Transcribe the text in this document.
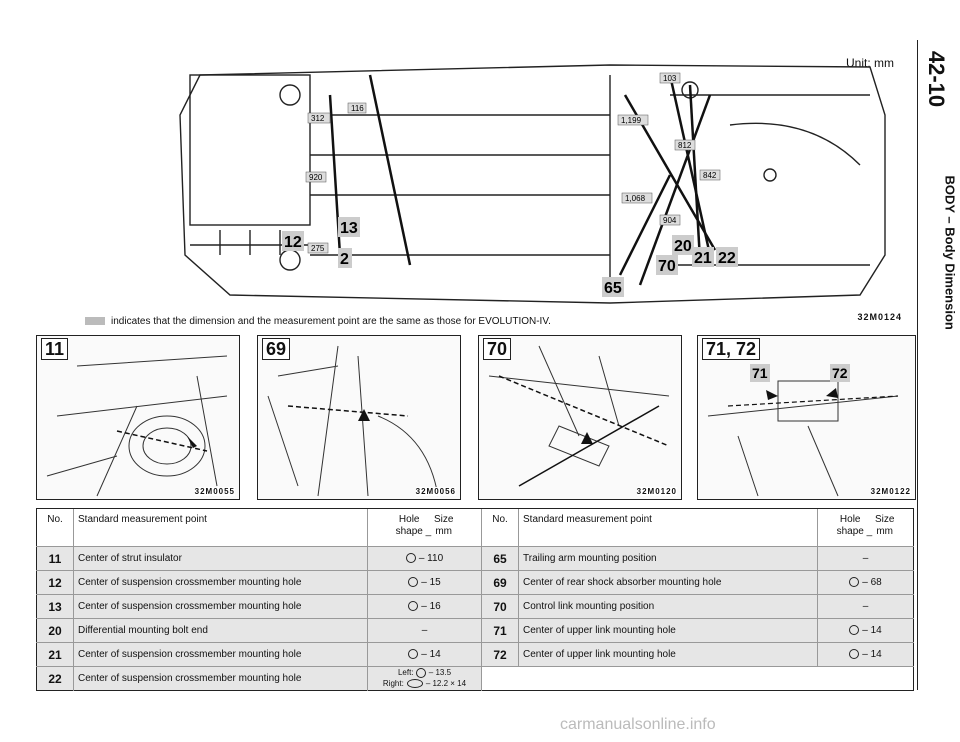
Unit: mm 42-10
BODY – Body Dimension
312
116
920
275
103
1,199
812
842
1,068
904
12
13
2
20
21 22
70
65
indicates that the dimension and the measurement point are the same as those for EVOLUTION-IV.	32M0124
11
32M0055
69
32M0056
70
32M0120
71	72
71, 72
32M0122
No.	Standard measurement point	Hole
shape _ Size
mm	No.	Standard measurement point	Hole
shape _ Size
mm
11	Center of strut insulator	– 110	65	Trailing arm mounting position	–
12	Center of suspension crossmember mounting hole	– 15	69	Center of rear shock absorber mounting hole	– 68
13	Center of suspension crossmember mounting hole	– 16	70	Control link mounting position	–
20	Differential mounting bolt end	–	71	Center of upper link mounting hole	– 14
21	Center of suspension crossmember mounting hole	– 14	72	Center of upper link mounting hole	– 14
22	Center of suspension crossmember mounting hole	Left: – 13.5
Right: – 12.2 × 14			

carmanualsonline.info
